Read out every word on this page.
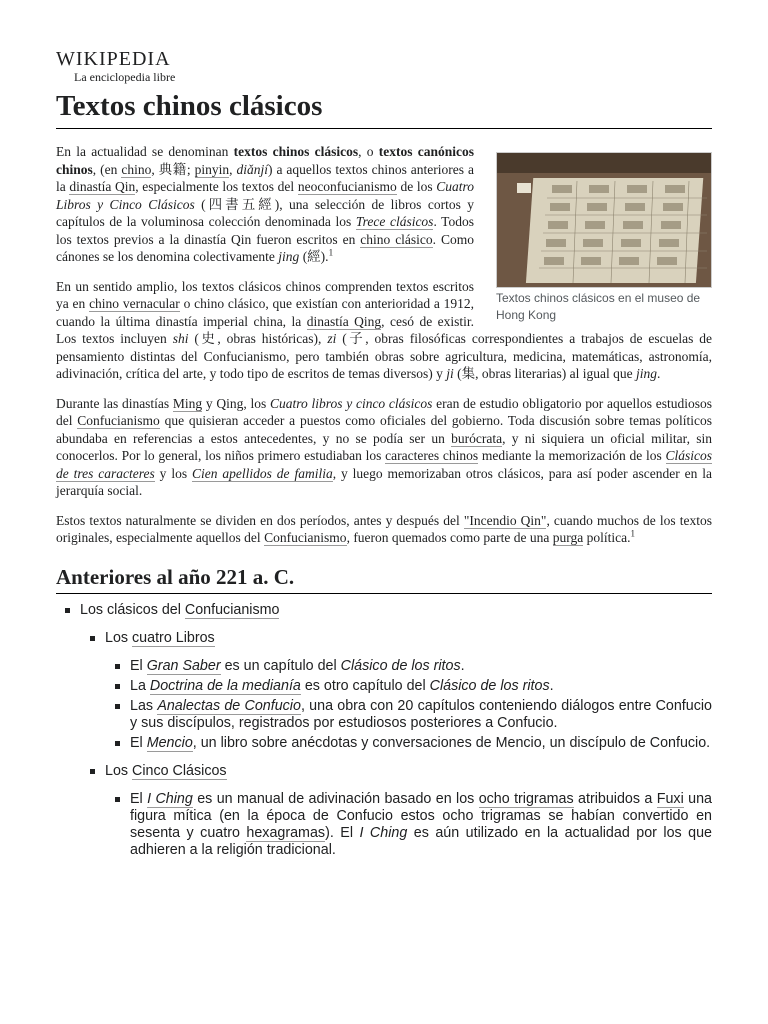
WIKIPEDIA
La enciclopedia libre
Textos chinos clásicos
Textos chinos clásicos en el museo de Hong Kong

En la actualidad se denominan textos chinos clásicos, o textos canónicos chinos, (en chino, 典籍; pinyin, diǎnjí) a aquellos textos chinos anteriores a la dinastía Qin, especialmente los textos del neoconfucianismo de los Cuatro Libros y Cinco Clásicos (四書五經), una selección de libros cortos y capítulos de la voluminosa colección denominada los Trece clásicos. Todos los textos previos a la dinastía Qin fueron escritos en chino clásico. Como cánones se los denomina colectivamente jing (經).$^1$

En un sentido amplio, los textos clásicos chinos comprenden textos escritos ya en chino vernacular o chino clásico, que existían con anterioridad a 1912, cuando la última dinastía imperial china, la dinastía Qing, cesó de existir. Los textos incluyen shi (史, obras históricas), zi (子, obras filosóficas correspondientes a trabajos de escuelas de pensamiento distintas del Confucianismo, pero también obras sobre agricultura, medicina, matemáticas, astronomía, adivinación, crítica del arte, y todo tipo de escritos de temas diversos) y ji (集, obras literarias) al igual que jing.

Durante las dinastías Ming y Qing, los Cuatro libros y cinco clásicos eran de estudio obligatorio por aquellos estudiosos del Confucianismo que quisieran acceder a puestos como oficiales del gobierno. Toda discusión sobre temas políticos abundaba en referencias a estos antecedentes, y no se podía ser un burócrata, y ni siquiera un oficial militar, sin conocerlos. Por lo general, los niños primero estudiaban los caracteres chinos mediante la memorización de los Clásicos de tres caracteres y los Cien apellidos de familia, y luego memorizaban otros clásicos, para así poder ascender en la jerarquía social.

Estos textos naturalmente se dividen en dos períodos, antes y después del "Incendio Qin", cuando muchos de los textos originales, especialmente aquellos del Confucianismo, fueron quemados como parte de una purga política.$^1$

Anteriores al año 221 a. C.
Los clásicos del Confucianismo
Los cuatro Libros
El Gran Saber es un capítulo del Clásico de los ritos.
La Doctrina de la medianía es otro capítulo del Clásico de los ritos.
Las Analectas de Confucio, una obra con 20 capítulos conteniendo diálogos entre Confucio y sus discípulos, registrados por estudiosos posteriores a Confucio.
El Mencio, un libro sobre anécdotas y conversaciones de Mencio, un discípulo de Confucio.
Los Cinco Clásicos
El I Ching es un manual de adivinación basado en los ocho trigramas atribuidos a Fuxi una figura mítica (en la época de Confucio estos ocho trigramas se habían convertido en sesenta y cuatro hexagramas). El I Ching es aún utilizado en la actualidad por los que adhieren a la religión tradicional.
